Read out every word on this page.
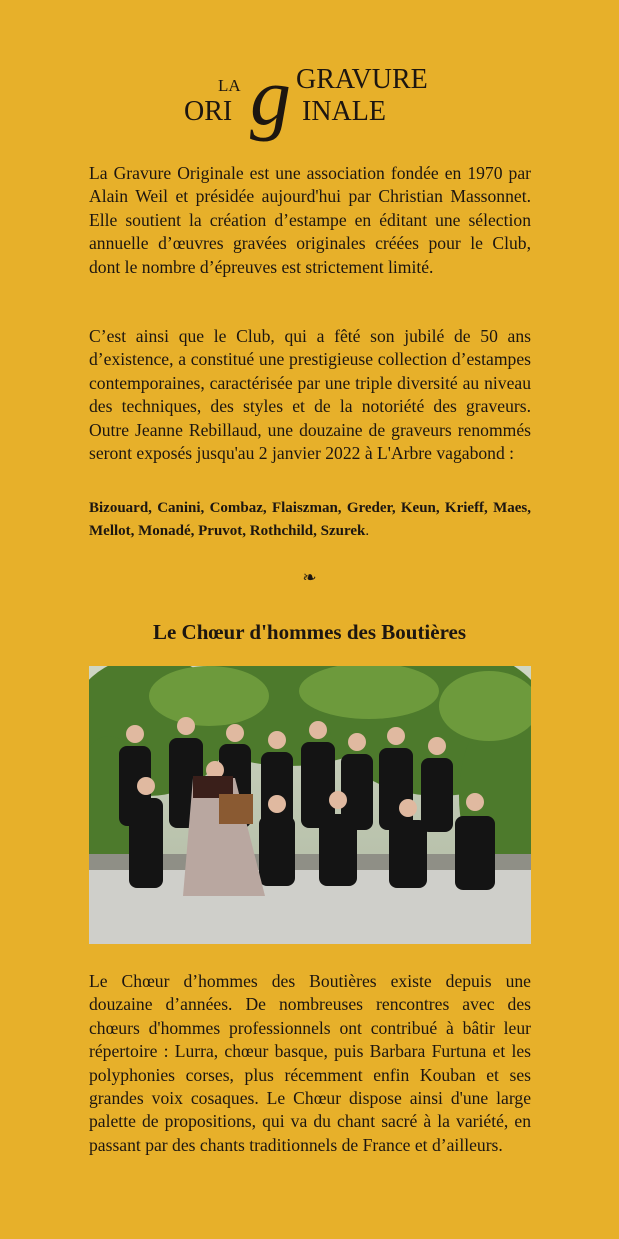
LA GRAVURE
ORI g INALE

La Gravure Originale est une association fondée en 1970 par Alain Weil et présidée aujourd'hui par Christian Massonnet. Elle soutient la création d’estampe en éditant une sélection annuelle d’œuvres gravées originales créées pour le Club, dont le nombre d’épreuves est strictement limité.

C’est ainsi que le Club, qui a fêté son jubilé de 50 ans d’existence, a constitué une prestigieuse collection d’estampes contemporaines, caractérisée par une triple diversité au niveau des techniques, des styles et de la notoriété des graveurs. Outre Jeanne Rebillaud, une douzaine de graveurs renommés seront exposés jusqu'au 2 janvier 2022 à L'Arbre vagabond :

Bizouard, Canini, Combaz, Flaiszman, Greder, Keun, Krieff, Maes, Mellot, Monadé, Pruvot, Rothchild, Szurek.

❧
Le Chœur d'hommes des Boutières

Le Chœur d’hommes des Boutières existe depuis une douzaine d’années. De nombreuses rencontres avec des chœurs d'hommes professionnels ont contribué à bâtir leur répertoire : Lurra, chœur basque, puis Barbara Furtuna et les polyphonies corses, plus récemment enfin Kouban et ses grandes voix cosaques. Le Chœur dispose ainsi d'une large palette de propositions, qui va du chant sacré à la variété, en passant par des chants traditionnels de France et d’ailleurs.
